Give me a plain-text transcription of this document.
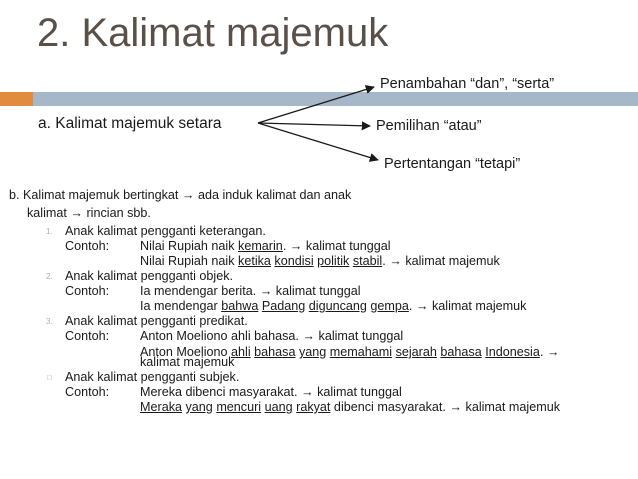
2. Kalimat majemuk
a. Kalimat majemuk setara
Penambahan “dan”, “serta”
Pemilihan “atau”
Pertentangan “tetapi”
b. Kalimat majemuk bertingkat → ada induk kalimat dan anak
kalimat → rincian sbb.
1. Anak kalimat pengganti keterangan.
Contoh: Nilai Rupiah naik kemarin. → kalimat tunggal
Nilai Rupiah naik ketika kondisi politik stabil. → kalimat majemuk
2. Anak kalimat pengganti objek.
Contoh: Ia mendengar berita. → kalimat tunggal
Ia mendengar bahwa Padang diguncang gempa. → kalimat majemuk
3. Anak kalimat pengganti predikat.
Contoh: Anton Moeliono ahli bahasa. → kalimat tunggal
Anton Moeliono ahli bahasa yang memahami sejarah bahasa Indonesia. →
kalimat majemuk
□ Anak kalimat pengganti subjek.
Contoh: Mereka dibenci masyarakat. → kalimat tunggal
Meraka yang mencuri uang rakyat dibenci masyarakat. → kalimat majemuk
